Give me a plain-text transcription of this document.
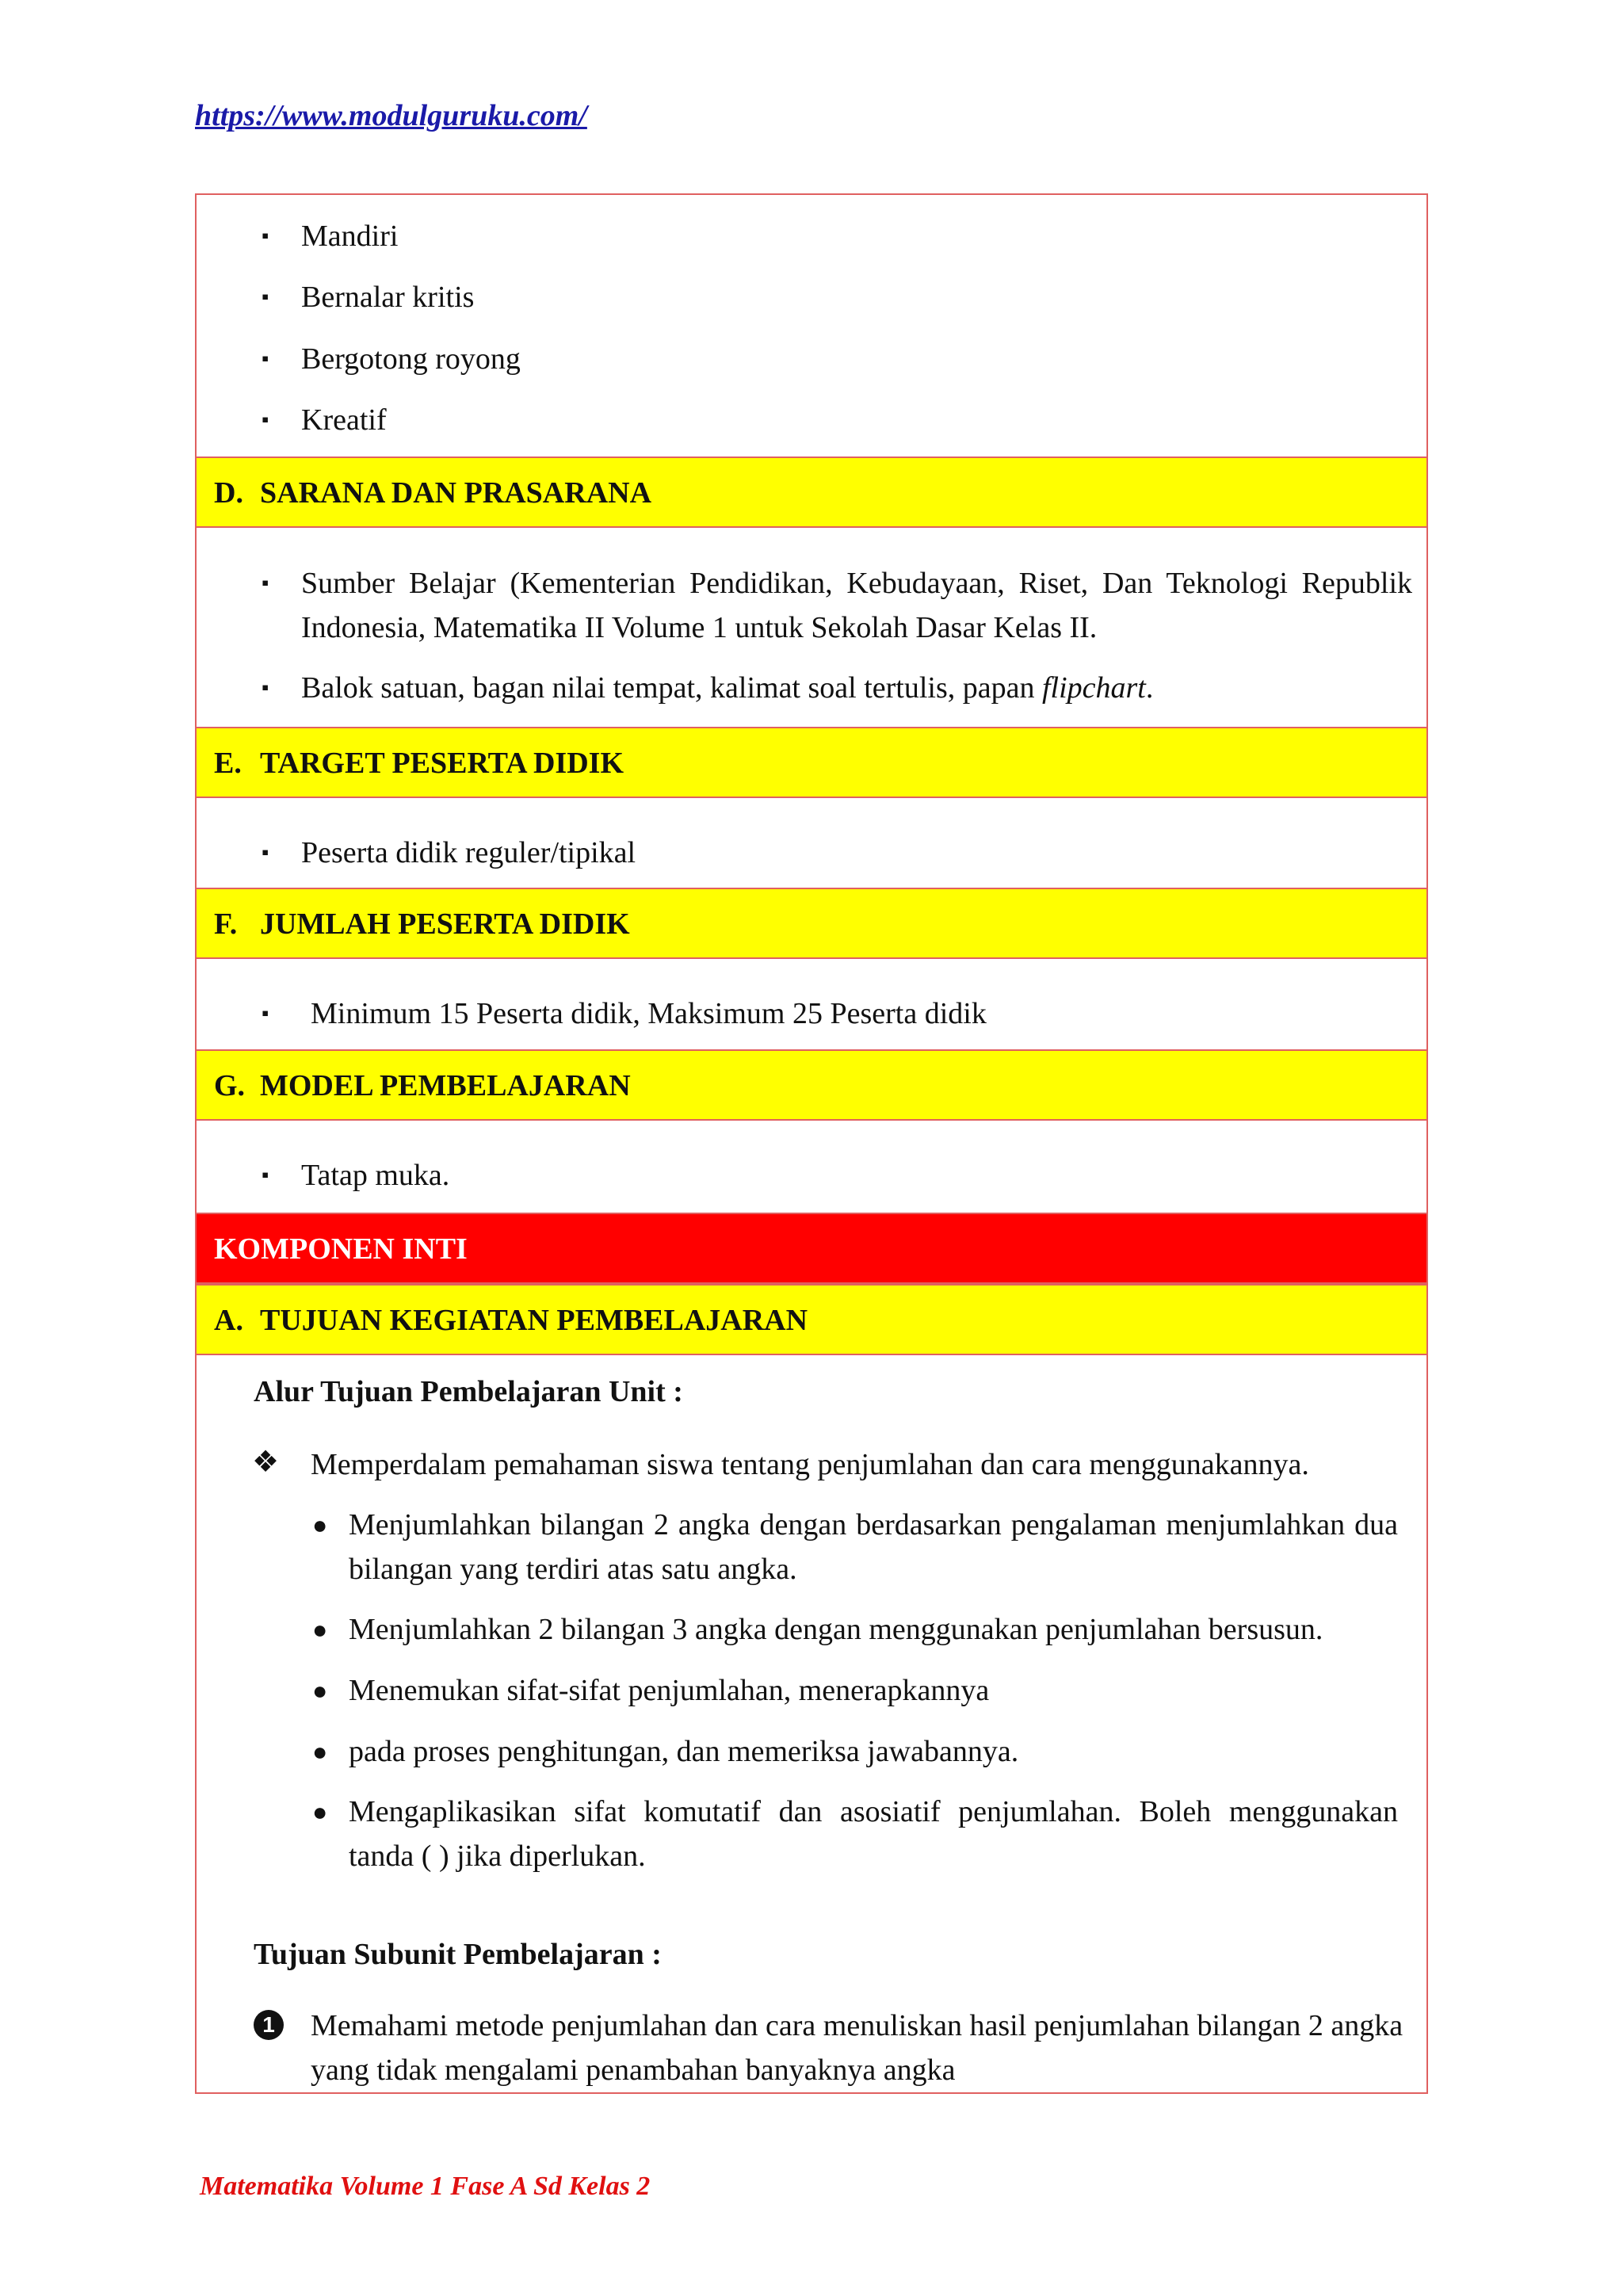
https://www.modulguruku.com/
▪ Mandiri
▪ Bernalar kritis
▪ Bergotong royong
▪ Kreatif
D. SARANA DAN PRASARANA
▪ Sumber Belajar (Kementerian Pendidikan, Kebudayaan, Riset, Dan Teknologi Republik Indonesia, Matematika II Volume 1 untuk Sekolah Dasar Kelas II.
▪ Balok satuan, bagan nilai tempat, kalimat soal tertulis, papan flipchart.
E. TARGET PESERTA DIDIK
▪ Peserta didik reguler/tipikal
F. JUMLAH PESERTA DIDIK
▪ Minimum 15 Peserta didik, Maksimum 25 Peserta didik
G. MODEL PEMBELAJARAN
▪ Tatap muka.
KOMPONEN INTI
A. TUJUAN KEGIATAN PEMBELAJARAN
Alur Tujuan Pembelajaran Unit :
❖ Memperdalam pemahaman siswa tentang penjumlahan dan cara menggunakannya.
● Menjumlahkan bilangan 2 angka dengan berdasarkan pengalaman menjumlahkan dua bilangan yang terdiri atas satu angka.
● Menjumlahkan 2 bilangan 3 angka dengan menggunakan penjumlahan bersusun.
● Menemukan sifat-sifat penjumlahan, menerapkannya
● pada proses penghitungan, dan memeriksa jawabannya.
● Mengaplikasikan sifat komutatif dan asosiatif penjumlahan. Boleh menggunakan tanda ( ) jika diperlukan.
Tujuan Subunit Pembelajaran :
1 Memahami metode penjumlahan dan cara menuliskan hasil penjumlahan bilangan 2 angka yang tidak mengalami penambahan banyaknya angka
Matematika Volume 1 Fase A Sd Kelas 2
